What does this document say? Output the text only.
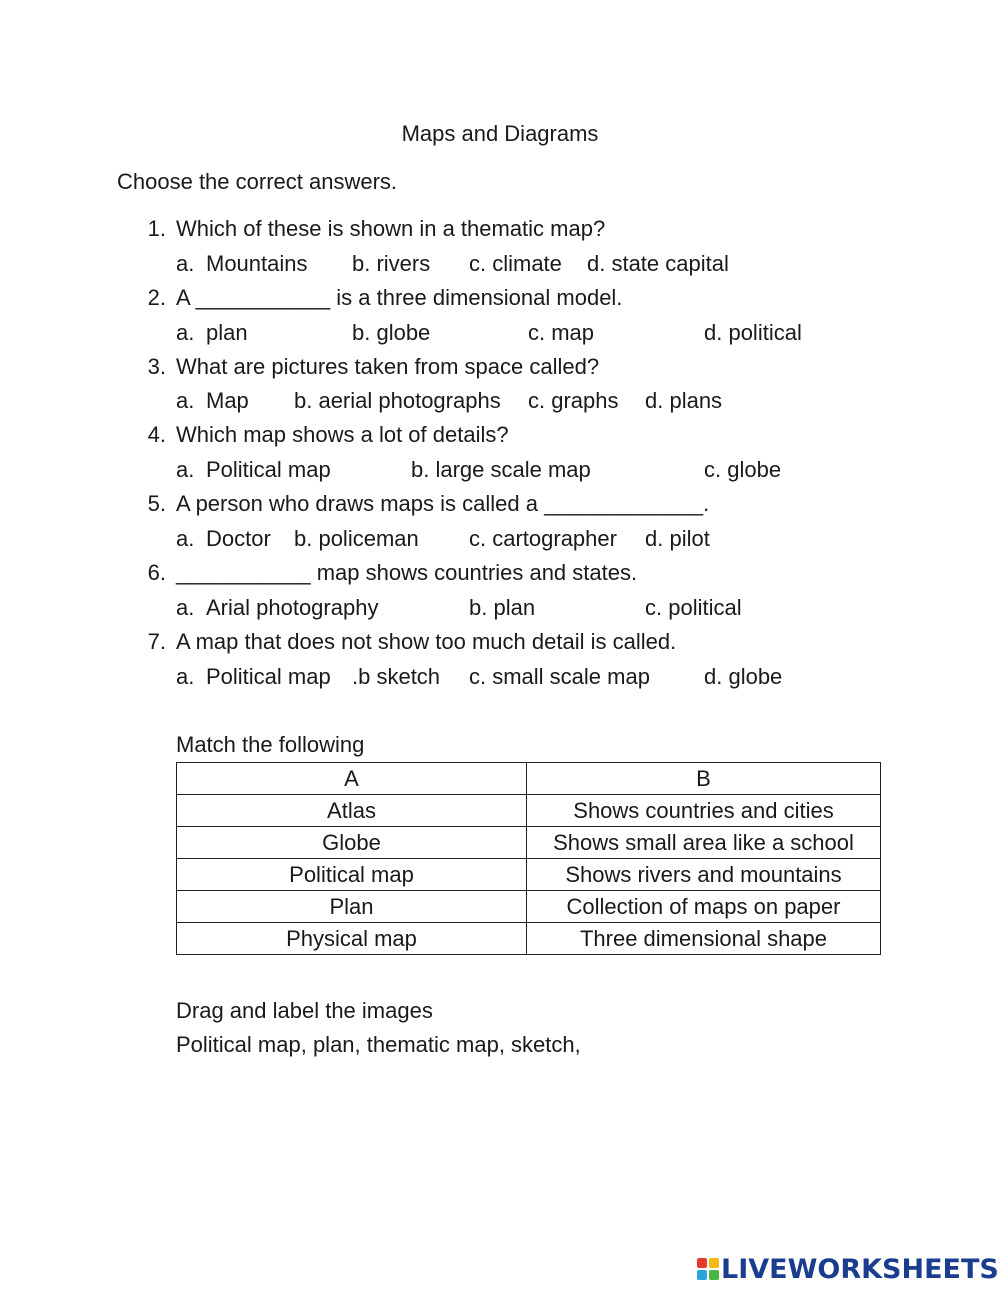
Maps and Diagrams
Choose the correct answers.
1. Which of these is shown in a thematic map?
a. Mountains b. rivers c. climate d. state capital
2. A ___________ is a three dimensional model.
a. plan	b. globe	c. map	d. political
3. What are pictures taken from space called?
a. Map b. aerial photographs c. graphs d. plans
4. Which map shows a lot of details?
a. Political map	b. large scale map	c. globe
5. A person who draws maps is called a _____________.
a. Doctor b. policeman c. cartographer d. pilot
6. ___________ map shows countries and states.
a. Arial photography	b. plan	c. political
7. A map that does not show too much detail is called.
a. Political map .b sketch c. small scale map d. globe
Match the following
A	B
Atlas	Shows countries and cities
Globe	Shows small area like a school
Political map	Shows rivers and mountains
Plan	Collection of maps on paper
Physical map	Three dimensional shape
Drag and label the images
Political map, plan, thematic map, sketch,
LIVEWORKSHEETS
